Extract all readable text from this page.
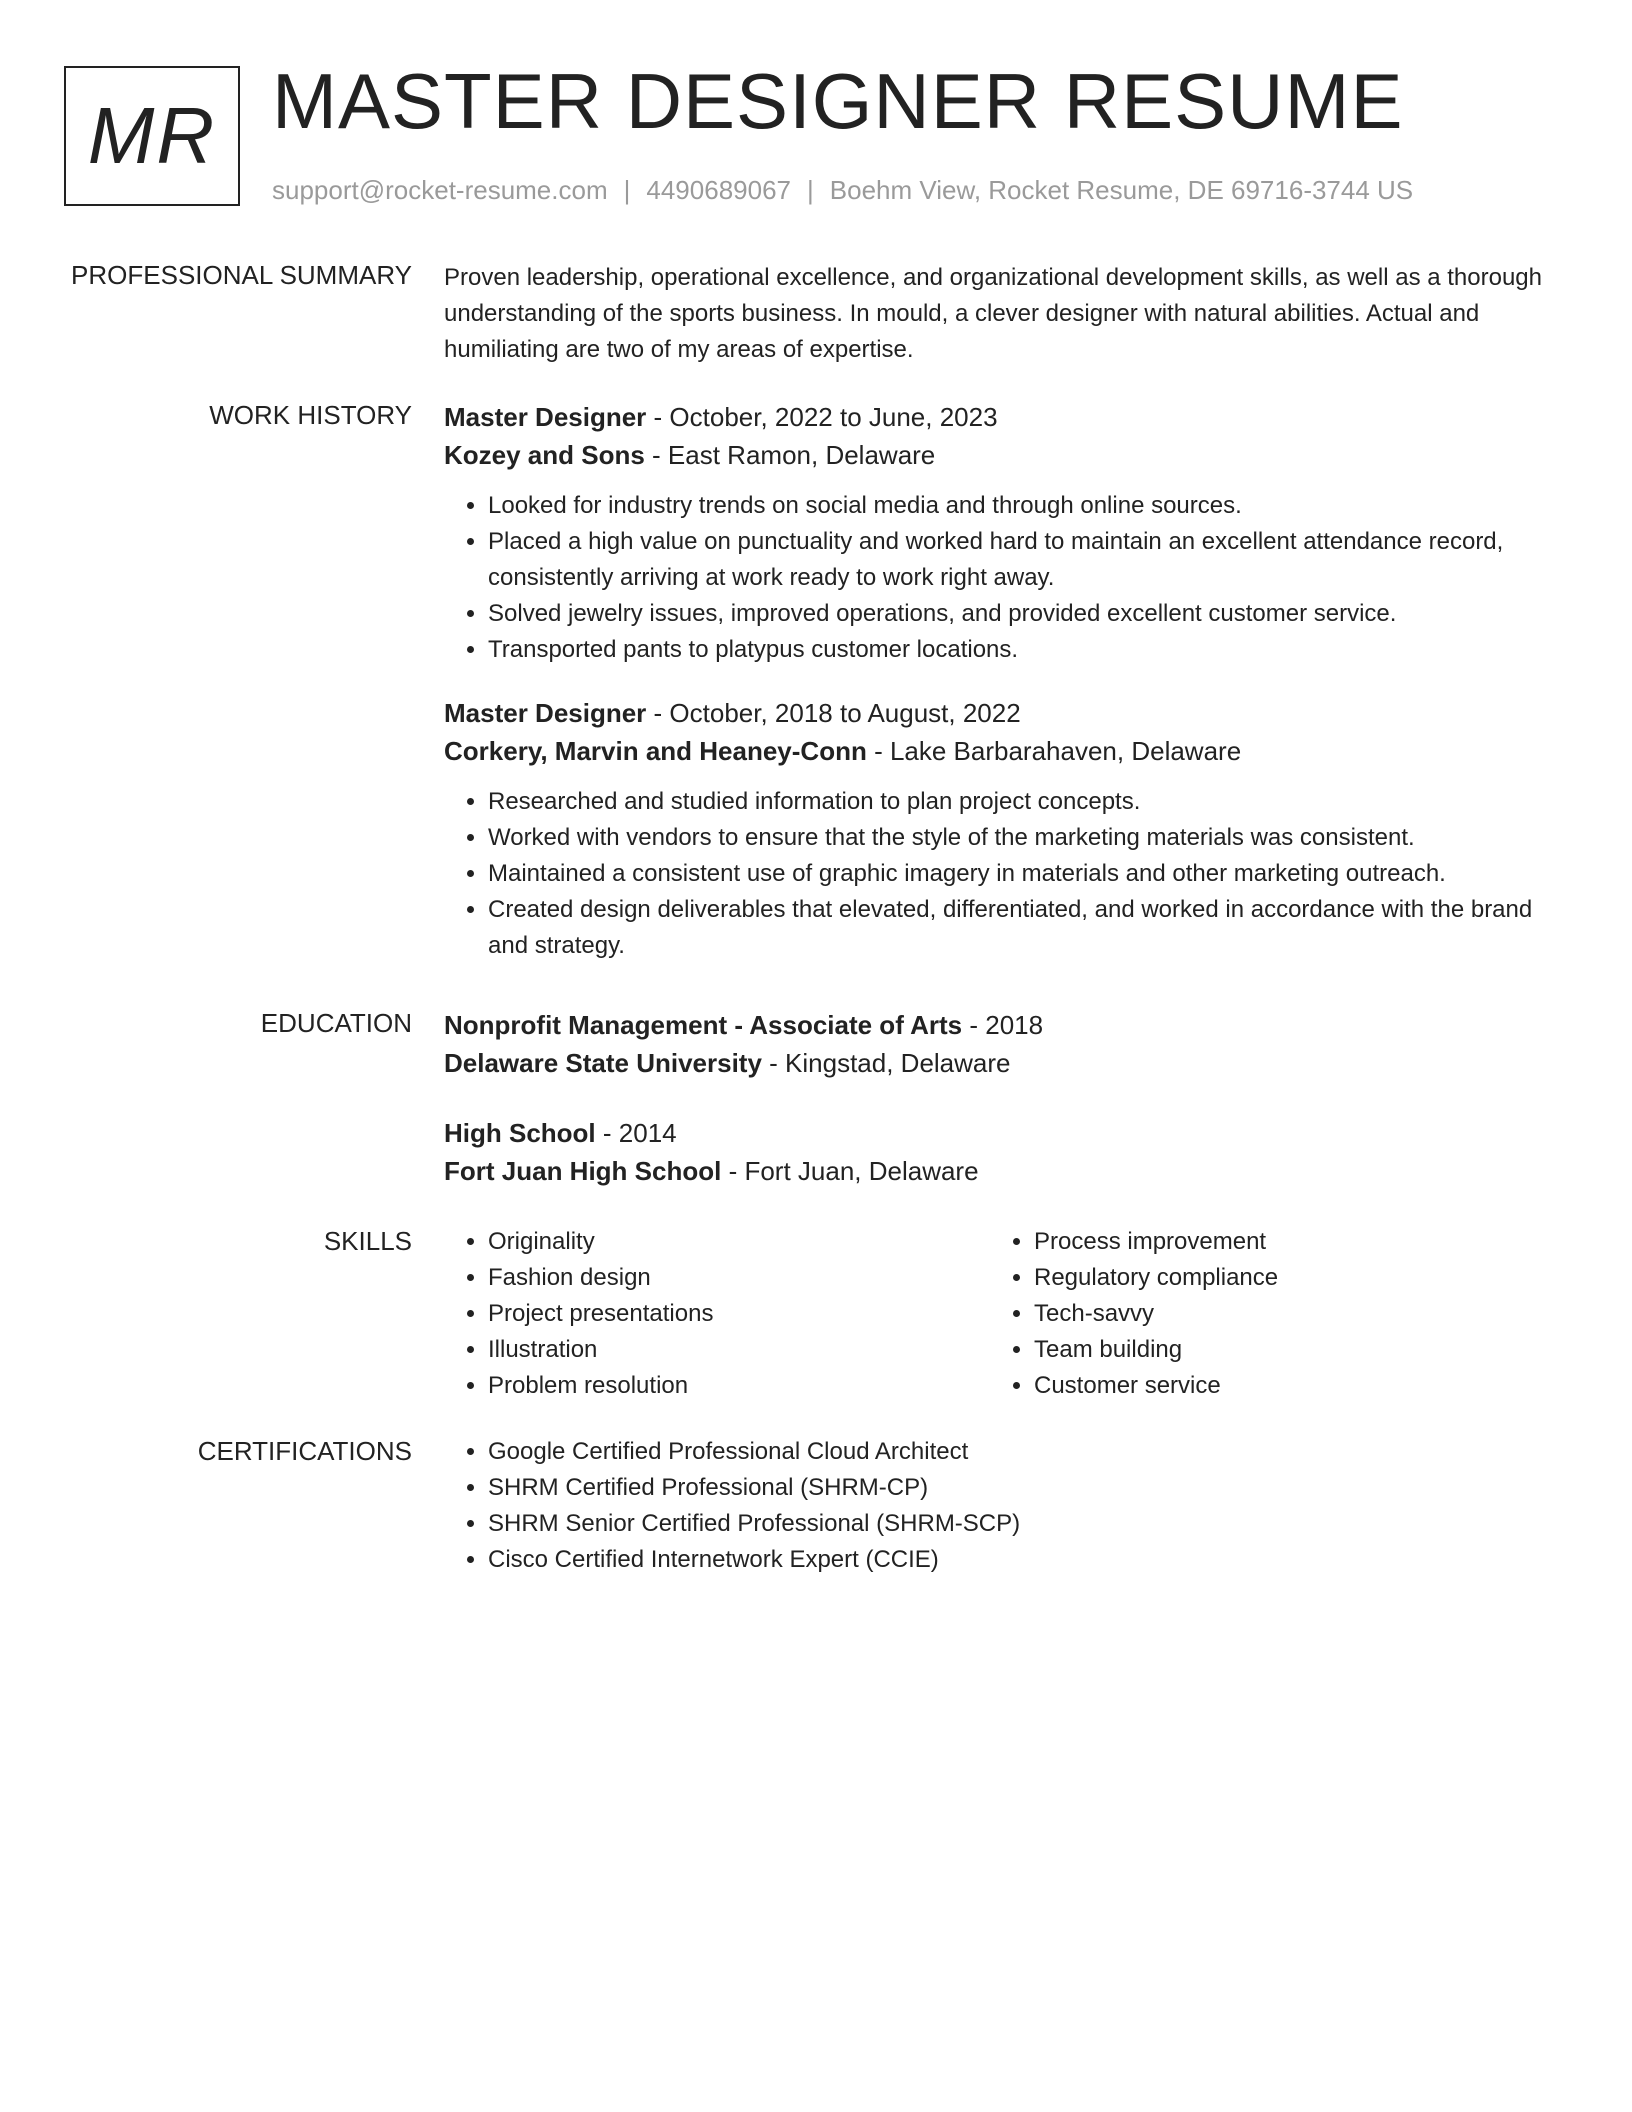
MR MASTER DESIGNER RESUME
support@rocket-resume.com | 4490689067 | Boehm View, Rocket Resume, DE 69716-3744 US
PROFESSIONAL SUMMARY Proven leadership, operational excellence, and organizational development skills, as well as a thorough understanding of the sports business. In mould, a clever designer with natural abilities. Actual and humiliating are two of my areas of expertise.
WORK HISTORY Master Designer - October, 2022 to June, 2023
Kozey and Sons - East Ramon, Delaware
• Looked for industry trends on social media and through online sources.
• Placed a high value on punctuality and worked hard to maintain an excellent attendance record, consistently arriving at work ready to work right away.
• Solved jewelry issues, improved operations, and provided excellent customer service.
• Transported pants to platypus customer locations.
Master Designer - October, 2018 to August, 2022
Corkery, Marvin and Heaney-Conn - Lake Barbarahaven, Delaware
• Researched and studied information to plan project concepts.
• Worked with vendors to ensure that the style of the marketing materials was consistent.
• Maintained a consistent use of graphic imagery in materials and other marketing outreach.
• Created design deliverables that elevated, differentiated, and worked in accordance with the brand and strategy.
EDUCATION Nonprofit Management - Associate of Arts - 2018
Delaware State University - Kingstad, Delaware
High School - 2014
Fort Juan High School - Fort Juan, Delaware
SKILLS	• Originality
• Fashion design
• Project presentations
• Illustration
• Problem resolution
• Process improvement
• Regulatory compliance
• Tech-savvy
• Team building
• Customer service
CERTIFICATIONS	• Google Certified Professional Cloud Architect
• SHRM Certified Professional (SHRM-CP)
• SHRM Senior Certified Professional (SHRM-SCP)
• Cisco Certified Internetwork Expert (CCIE)
